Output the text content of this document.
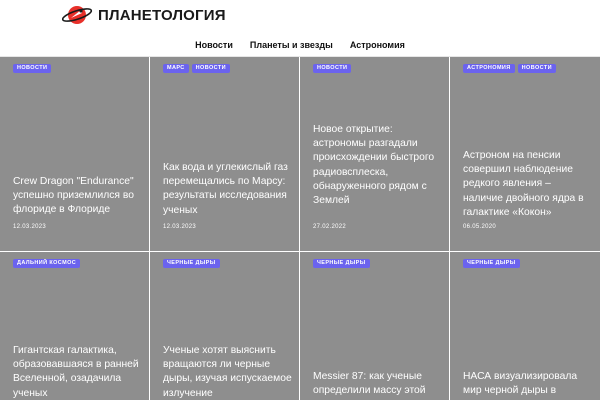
ПЛАНЕТОЛОГИЯ
Новости Планеты и звезды Астрономия
НОВОСТИ
Crew Dragon "Endurance" успешно приземлился во флориде в Флориде
12.03.2023
МАРС	НОВОСТИ
Как вода и углекислый газ перемещались по Марсу: результаты исследования ученых
12.03.2023
НОВОСТИ
Новое открытие: астрономы разгадали происхождении быстрого радиовсплеска, обнаруженного рядом с Землей
27.02.2022
АСТРОНОМИЯ	НОВОСТИ
Астроном на пенсии совершил наблюдение редкого явления – наличие двойного ядра в галактике «Кокон»
06.05.2020
ДАЛЬНИЙ КОСМОС
Гигантская галактика, образовавшаяся в ранней Вселенной, озадачила ученых
ЧЕРНЫЕ ДЫРЫ
Ученые хотят выяснить вращаются ли черные дыры, изучая испускаемое излучение
ЧЕРНЫЕ ДЫРЫ
Messier 87: как ученые определили массу этой
ЧЕРНЫЕ ДЫРЫ
НАСА визуализировала мир черной дыры в
